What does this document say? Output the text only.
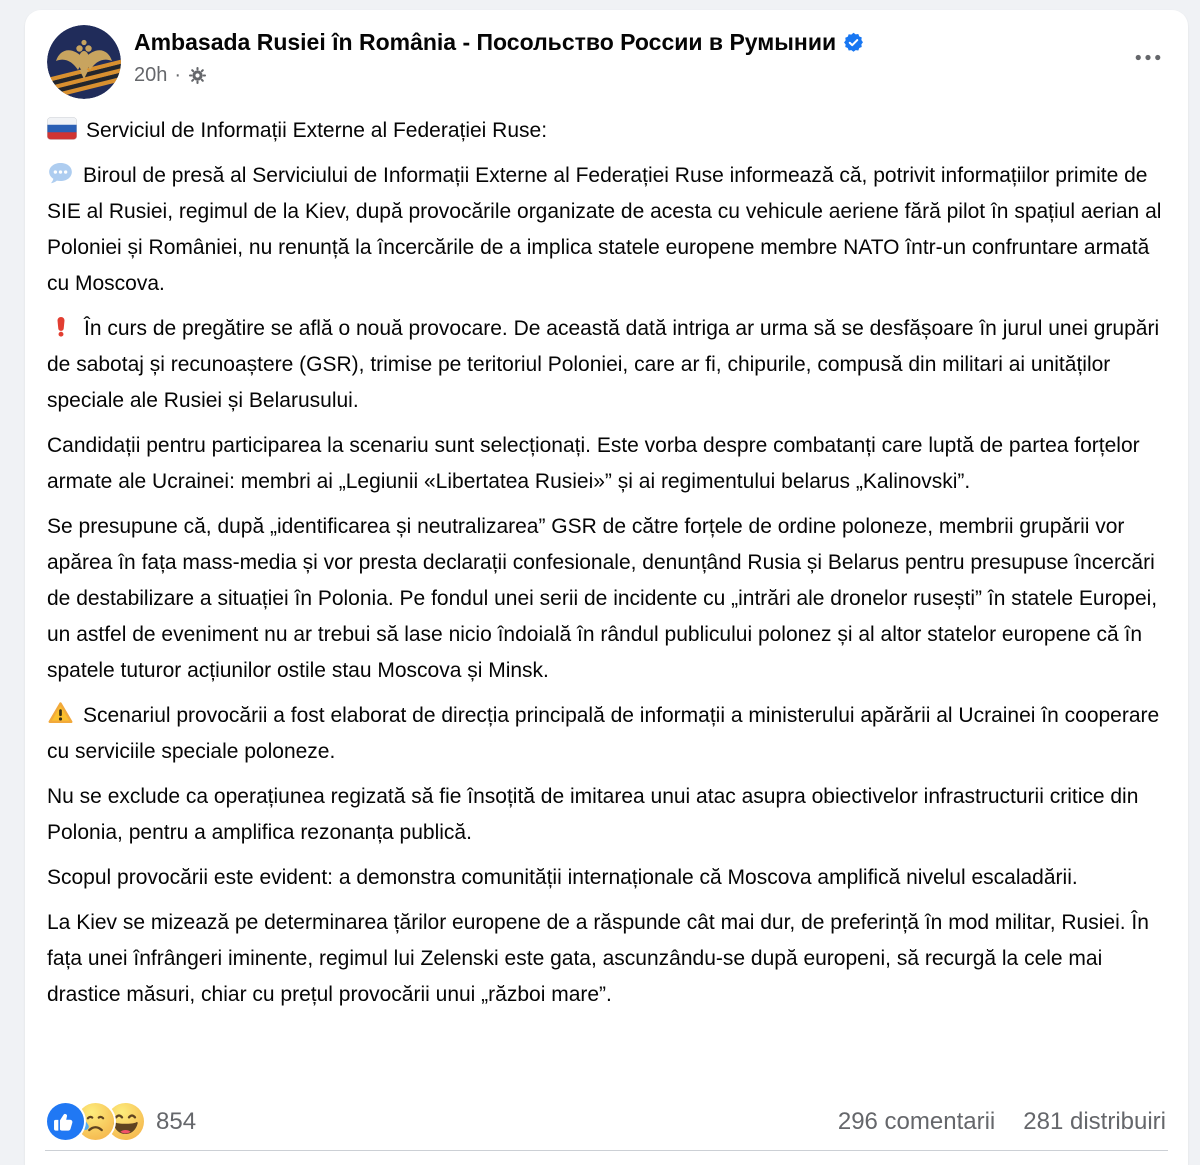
Ambasada Rusiei în România - Посольство России в Румынии
20h ·

Serviciul de Informații Externe al Federației Ruse:

Biroul de presă al Serviciului de Informații Externe al Federației Ruse informează că, potrivit informațiilor primite de SIE al Rusiei, regimul de la Kiev, după provocările organizate de acesta cu vehicule aeriene fără pilot în spațiul aerian al Poloniei și României, nu renunță la încercările de a implica statele europene membre NATO într-un confruntare armată cu Moscova.

În curs de pregătire se află o nouă provocare. De această dată intriga ar urma să se desfășoare în jurul unei grupări de sabotaj și recunoaștere (GSR), trimise pe teritoriul Poloniei, care ar fi, chipurile, compusă din militari ai unităților speciale ale Rusiei și Belarusului.

Candidații pentru participarea la scenariu sunt selecționați. Este vorba despre combatanți care luptă de partea forțelor armate ale Ucrainei: membri ai „Legiunii «Libertatea Rusiei»” și ai regimentului belarus „Kalinovski”.

Se presupune că, după „identificarea și neutralizarea” GSR de către forțele de ordine poloneze, membrii grupării vor apărea în fața mass-media și vor presta declarații confesionale, denunțând Rusia și Belarus pentru presupuse încercări de destabilizare a situației în Polonia. Pe fondul unei serii de incidente cu „intrări ale dronelor rusești” în statele Europei, un astfel de eveniment nu ar trebui să lase nicio îndoială în rândul publicului polonez și al altor statelor europene că în spatele tuturor acțiunilor ostile stau Moscova și Minsk.

Scenariul provocării a fost elaborat de direcția principală de informații a ministerului apărării al Ucrainei în cooperare cu serviciile speciale poloneze.

Nu se exclude ca operațiunea regizată să fie însoțită de imitarea unui atac asupra obiectivelor infrastructurii critice din Polonia, pentru a amplifica rezonanța publică.

Scopul provocării este evident: a demonstra comunității internaționale că Moscova amplifică nivelul escaladării.

La Kiev se mizează pe determinarea țărilor europene de a răspunde cât mai dur, de preferință în mod militar, Rusiei. În fața unei înfrângeri iminente, regimul lui Zelenski este gata, ascunzându-se după europeni, să recurgă la cele mai drastice măsuri, chiar cu prețul provocării unui „război mare”.

854	296 comentarii 281 distribuiri
